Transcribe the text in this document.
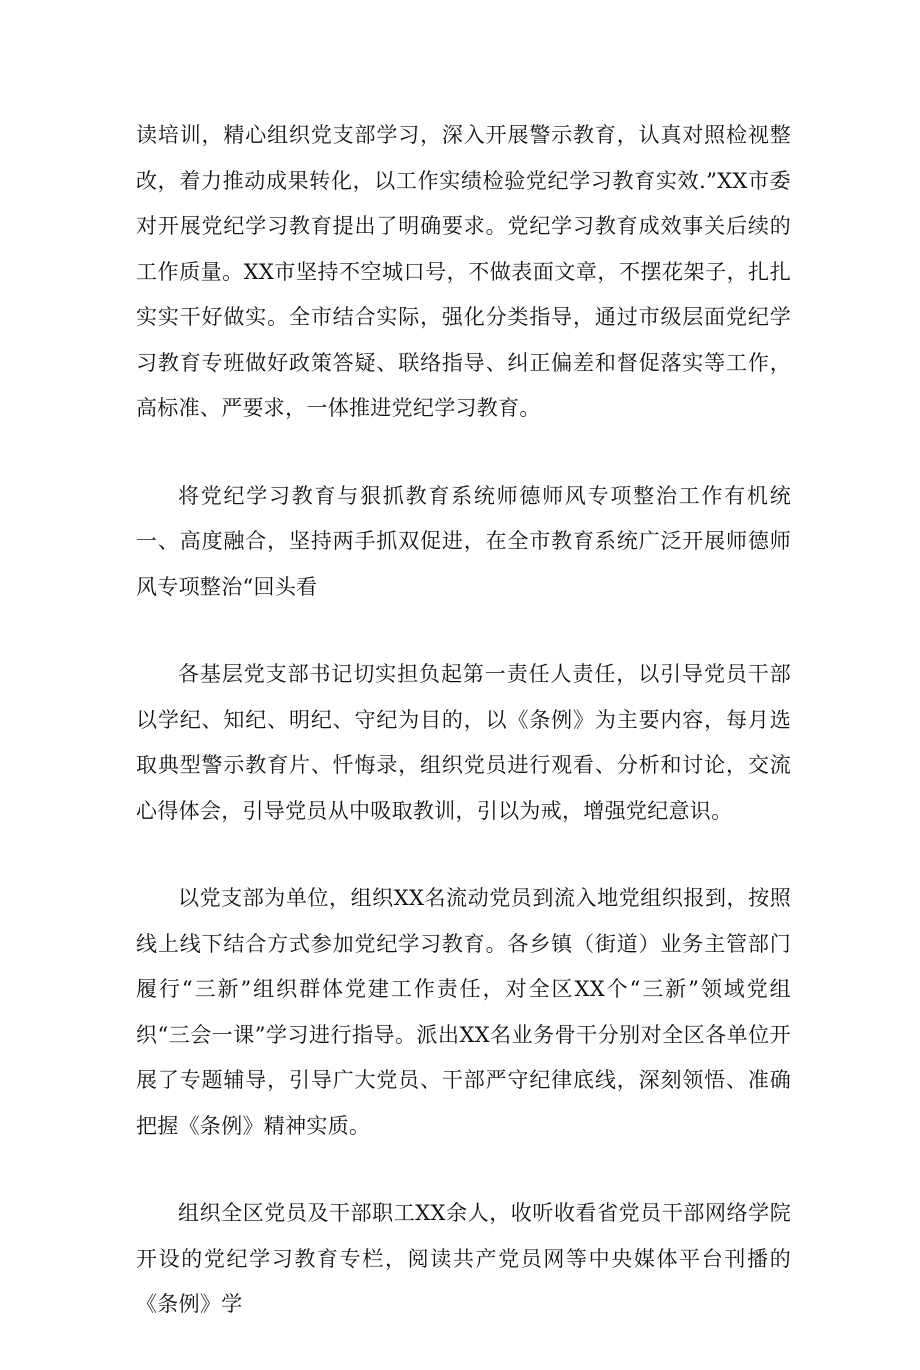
读培训，精心组织党支部学习，深入开展警示教育，认真对照检视整改，着力推动成果转化，以工作实绩检验党纪学习教育实效.”XX市委对开展党纪学习教育提出了明确要求。党纪学习教育成效事关后续的工作质量。XX市坚持不空城口号，不做表面文章，不摆花架子，扎扎实实干好做实。全市结合实际，强化分类指导，通过市级层面党纪学习教育专班做好政策答疑、联络指导、纠正偏差和督促落实等工作，高标准、严要求，一体推进党纪学习教育。

将党纪学习教育与狠抓教育系统师德师风专项整治工作有机统一、高度融合，坚持两手抓双促进，在全市教育系统广泛开展师德师风专项整治“回头看

各基层党支部书记切实担负起第一责任人责任，以引导党员干部以学纪、知纪、明纪、守纪为目的，以《条例》为主要内容，每月选取典型警示教育片、忏悔录，组织党员进行观看、分析和讨论，交流心得体会，引导党员从中吸取教训，引以为戒，增强党纪意识。

以党支部为单位，组织XX名流动党员到流入地党组织报到，按照线上线下结合方式参加党纪学习教育。各乡镇（街道）业务主管部门履行“三新”组织群体党建工作责任，对全区XX个“三新”领域党组织“三会一课”学习进行指导。派出XX名业务骨干分别对全区各单位开展了专题辅导，引导广大党员、干部严守纪律底线，深刻领悟、准确把握《条例》精神实质。

组织全区党员及干部职工XX余人，收听收看省党员干部网络学院开设的党纪学习教育专栏，阅读共产党员网等中央媒体平台刊播的《条例》学
